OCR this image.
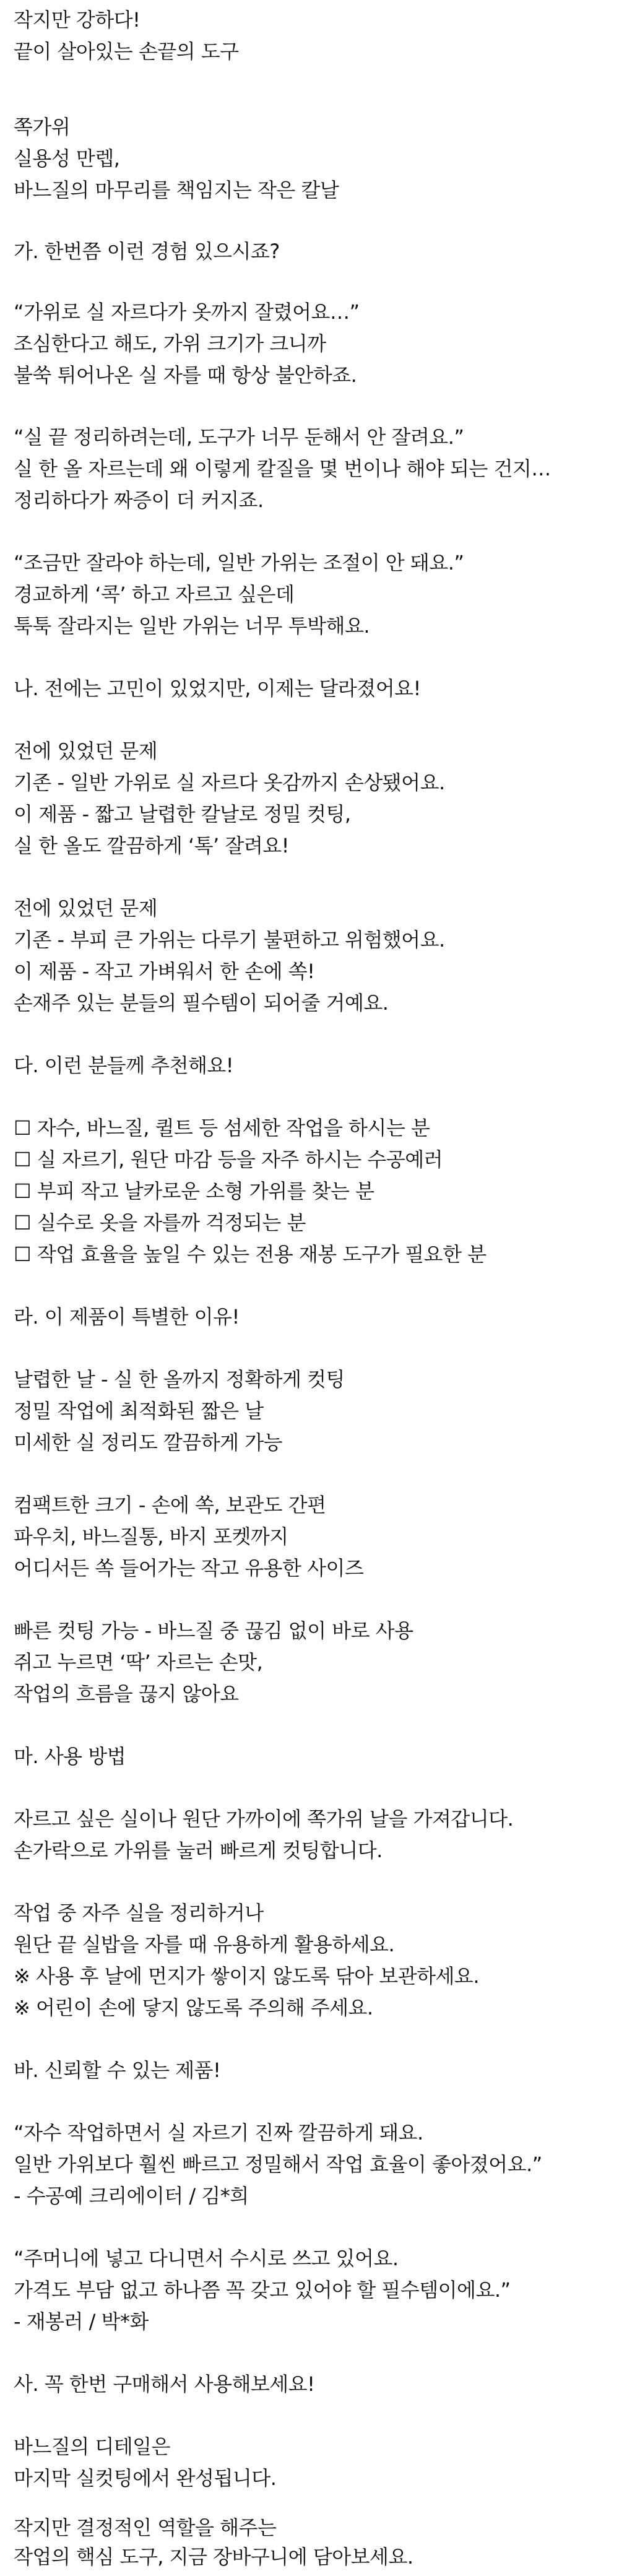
작지만 강하다!

끝이 살아있는 손끝의 도구

쪽가위

실용성 만렙,

바느질의 마무리를 책임지는 작은 칼날

가. 한번쯤 이런 경험 있으시죠?

“가위로 실 자르다가 옷까지 잘렸어요…”

조심한다고 해도, 가위 크기가 크니까

불쑥 튀어나온 실 자를 때 항상 불안하죠.

“실 끝 정리하려는데, 도구가 너무 둔해서 안 잘려요.”

실 한 올 자르는데 왜 이렇게 칼질을 몇 번이나 해야 되는 건지…

정리하다가 짜증이 더 커지죠.

“조금만 잘라야 하는데, 일반 가위는 조절이 안 돼요.”

경교하게 ‘콕’ 하고 자르고 싶은데

툭툭 잘라지는 일반 가위는 너무 투박해요.

나. 전에는 고민이 있었지만, 이제는 달라졌어요!

전에 있었던 문제

기존 - 일반 가위로 실 자르다 옷감까지 손상됐어요.

이 제품 - 짧고 날렵한 칼날로 정밀 컷팅,

실 한 올도 깔끔하게 ‘톡’ 잘려요!

전에 있었던 문제

기존 - 부피 큰 가위는 다루기 불편하고 위험했어요.

이 제품 - 작고 가벼워서 한 손에 쏙!

손재주 있는 분들의 필수템이 되어줄 거예요.

다. 이런 분들께 추천해요!

☐ 자수, 바느질, 퀼트 등 섬세한 작업을 하시는 분

☐ 실 자르기, 원단 마감 등을 자주 하시는 수공예러

☐ 부피 작고 날카로운 소형 가위를 찾는 분

☐ 실수로 옷을 자를까 걱정되는 분

☐ 작업 효율을 높일 수 있는 전용 재봉 도구가 필요한 분

라. 이 제품이 특별한 이유!

날렵한 날 - 실 한 올까지 정확하게 컷팅

정밀 작업에 최적화된 짧은 날

미세한 실 정리도 깔끔하게 가능

컴팩트한 크기 - 손에 쏙, 보관도 간편

파우치, 바느질통, 바지 포켓까지

어디서든 쏙 들어가는 작고 유용한 사이즈

빠른 컷팅 가능 - 바느질 중 끊김 없이 바로 사용

쥐고 누르면 ‘딱’ 자르는 손맛,

작업의 흐름을 끊지 않아요

마. 사용 방법

자르고 싶은 실이나 원단 가까이에 쪽가위 날을 가져갑니다.

손가락으로 가위를 눌러 빠르게 컷팅합니다.

작업 중 자주 실을 정리하거나

원단 끝 실밥을 자를 때 유용하게 활용하세요.

※ 사용 후 날에 먼지가 쌓이지 않도록 닦아 보관하세요.

※ 어린이 손에 닿지 않도록 주의해 주세요.

바. 신뢰할 수 있는 제품!

“자수 작업하면서 실 자르기 진짜 깔끔하게 돼요.

일반 가위보다 훨씬 빠르고 정밀해서 작업 효율이 좋아졌어요.”

- 수공예 크리에이터 / 김*희

“주머니에 넣고 다니면서 수시로 쓰고 있어요.

가격도 부담 없고 하나쯤 꼭 갖고 있어야 할 필수템이에요.”

- 재봉러 / 박*화

사. 꼭 한번 구매해서 사용해보세요!

바느질의 디테일은

마지막 실컷팅에서 완성됩니다.

작지만 결정적인 역할을 해주는

작업의 핵심 도구, 지금 장바구니에 담아보세요.
